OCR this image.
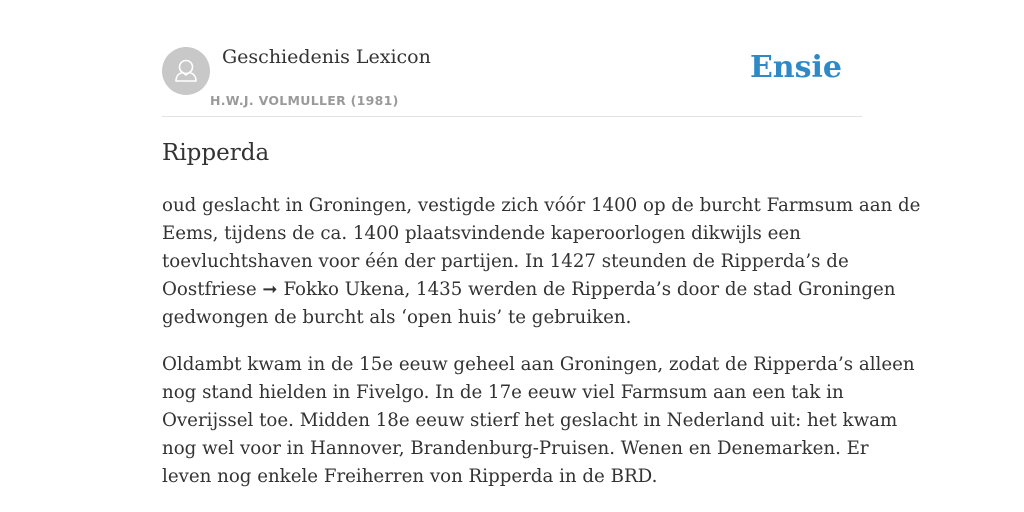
Geschiedenis Lexicon
H.W.J. VOLMULLER (1981)
Ensie
Ripperda

oud geslacht in Groningen, vestigde zich vóór 1400 op de burcht Farmsum aan de
Eems, tijdens de ca. 1400 plaatsvindende kaperoorlogen dikwijls een
toevluchtshaven voor één der partijen. In 1427 steunden de Ripperda’s de
Oostfriese ➞ Fokko Ukena, 1435 werden de Ripperda’s door de stad Groningen
gedwongen de burcht als ‘open huis’ te gebruiken.

Oldambt kwam in de 15e eeuw geheel aan Groningen, zodat de Ripperda’s alleen
nog stand hielden in Fivelgo. In de 17e eeuw viel Farmsum aan een tak in
Overijssel toe. Midden 18e eeuw stierf het geslacht in Nederland uit: het kwam
nog wel voor in Hannover, Brandenburg-Pruisen. Wenen en Denemarken. Er
leven nog enkele Freiherren von Ripperda in de BRD.
